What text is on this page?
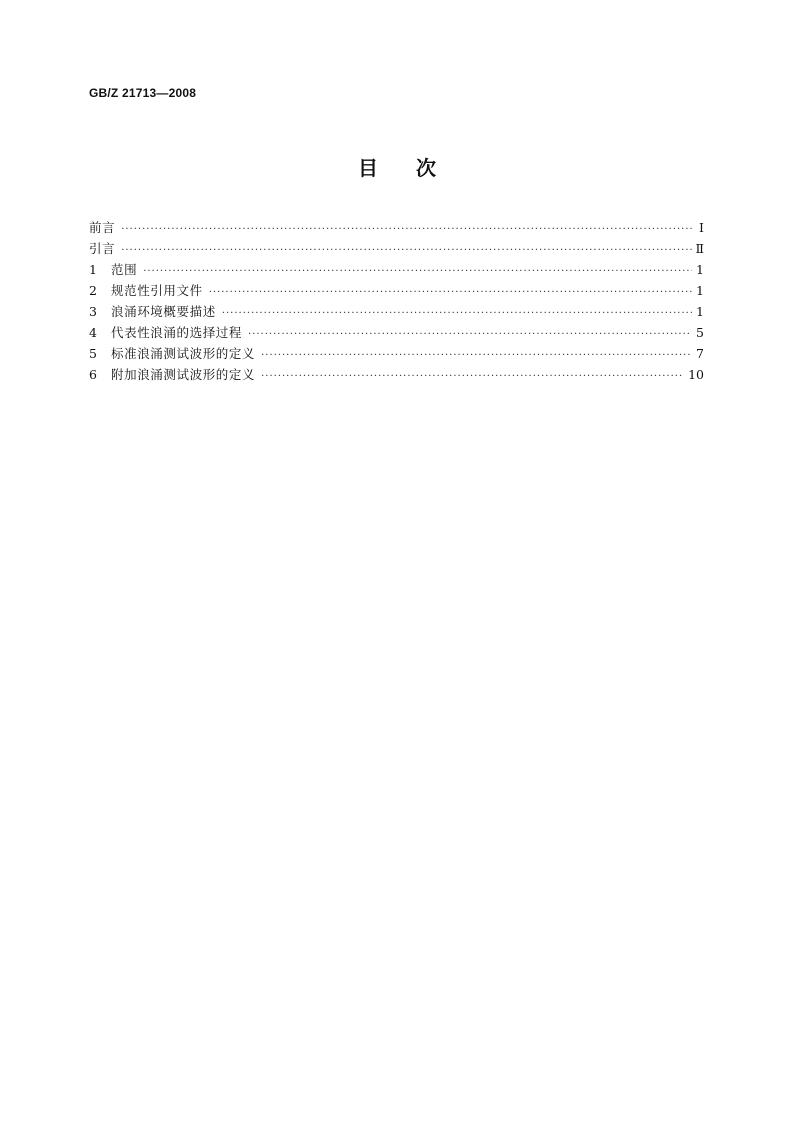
GB/Z 21713—2008
目 次
前言 ·····	Ⅰ
引言 ·····	Ⅱ
1	范围 ·····	1
2	规范性引用文件 ·····	1
3	浪涌环境概要描述 ·····	1
4	代表性浪涌的选择过程 ·····	5
5	标准浪涌测试波形的定义 ·····	7
6	附加浪涌测试波形的定义 ·····	10
